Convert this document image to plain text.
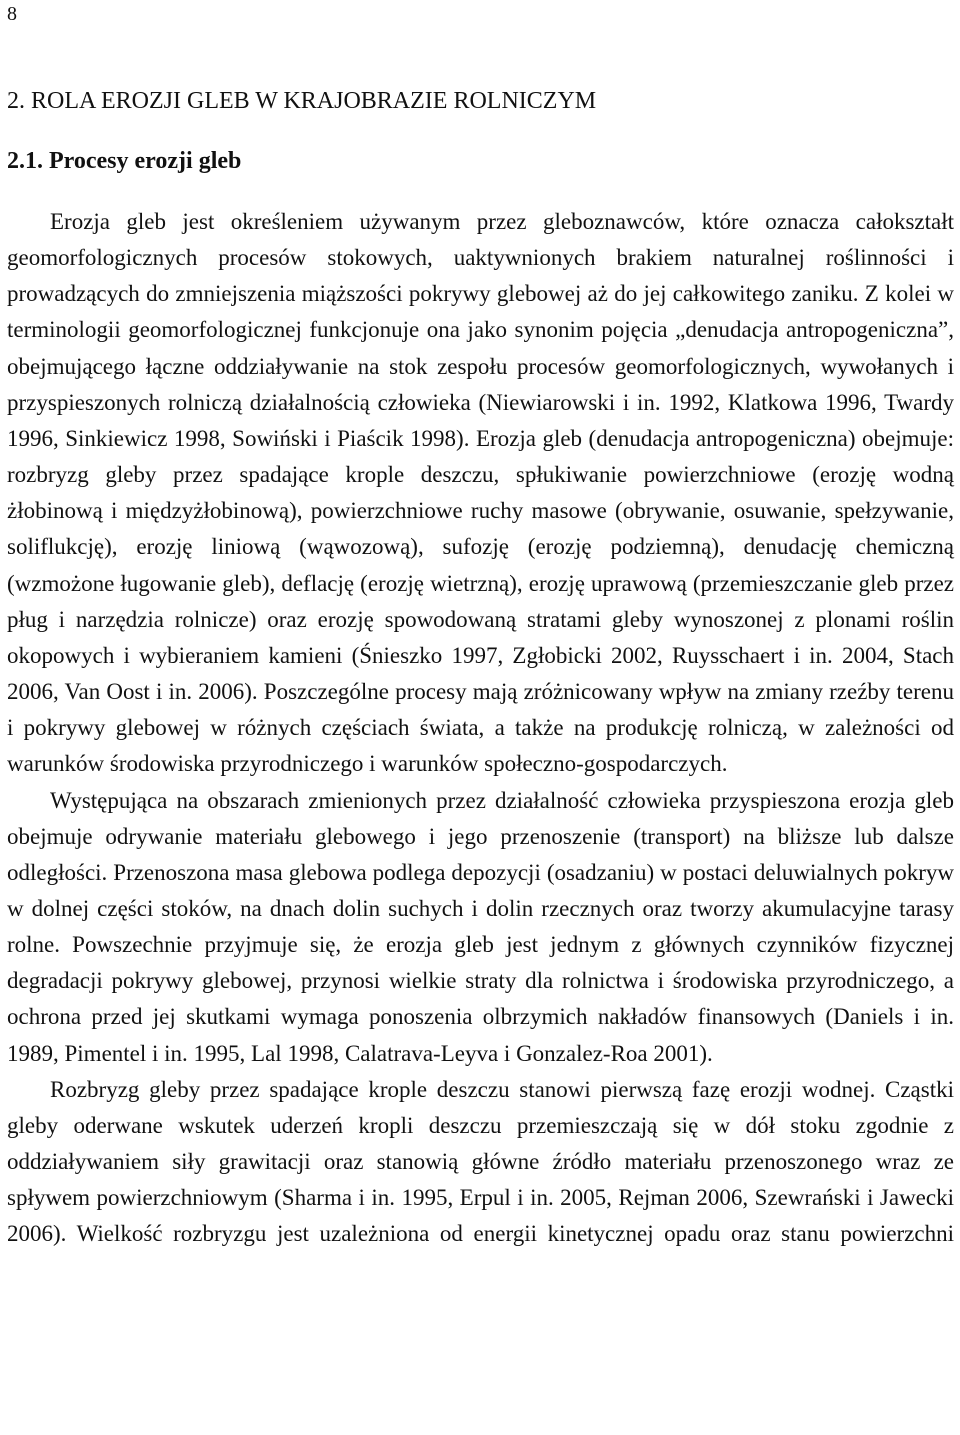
8
2. ROLA EROZJI GLEB W KRAJOBRAZIE ROLNICZYM
2.1. Procesy erozji gleb

Erozja gleb jest określeniem używanym przez gleboznawców, które oznacza całokształt geomorfologicznych procesów stokowych, uaktywnionych brakiem naturalnej roślinności i prowadzących do zmniejszenia miąższości pokrywy glebowej aż do jej całkowitego zaniku. Z kolei w terminologii geomorfologicznej funkcjonuje ona jako synonim pojęcia „denudacja antropogeniczna”, obejmującego łączne oddziaływanie na stok zespołu procesów geomorfologicznych, wywołanych i przyspieszonych rolniczą działalnością człowieka (Niewiarowski i in. 1992, Klatkowa 1996, Twardy 1996, Sinkiewicz 1998, Sowiński i Piaścik 1998). Erozja gleb (denudacja antropogeniczna) obejmuje: rozbryzg gleby przez spadające krople deszczu, spłukiwanie powierzchniowe (erozję wodną żłobinową i międzyżłobinową), powierzchniowe ruchy masowe (obrywanie, osuwanie, spełzywanie, soliflukcję), erozję liniową (wąwozową), sufozję (erozję podziemną), denudację chemiczną (wzmożone ługowanie gleb), deflację (erozję wietrzną), erozję uprawową (przemieszczanie gleb przez pług i narzędzia rolnicze) oraz erozję spowodowaną stratami gleby wynoszonej z plonami roślin okopowych i wybieraniem kamieni (Śnieszko 1997, Zgłobicki 2002, Ruysschaert i in. 2004, Stach 2006, Van Oost i in. 2006). Poszczególne procesy mają zróżnicowany wpływ na zmiany rzeźby terenu i pokrywy glebowej w różnych częściach świata, a także na produkcję rolniczą, w zależności od warunków środowiska przyrodniczego i warunków społeczno-gospodarczych.

Występująca na obszarach zmienionych przez działalność człowieka przyspieszona erozja gleb obejmuje odrywanie materiału glebowego i jego przenoszenie (transport) na bliższe lub dalsze odległości. Przenoszona masa glebowa podlega depozycji (osadzaniu) w postaci deluwialnych pokryw w dolnej części stoków, na dnach dolin suchych i dolin rzecznych oraz tworzy akumulacyjne tarasy rolne. Powszechnie przyjmuje się, że erozja gleb jest jednym z głównych czynników fizycznej degradacji pokrywy glebowej, przynosi wielkie straty dla rolnictwa i środowiska przyrodniczego, a ochrona przed jej skutkami wymaga ponoszenia olbrzymich nakładów finansowych (Daniels i in. 1989, Pimentel i in. 1995, Lal 1998, Calatrava-Leyva i Gonzalez-Roa 2001).

Rozbryzg gleby przez spadające krople deszczu stanowi pierwszą fazę erozji wodnej. Cząstki gleby oderwane wskutek uderzeń kropli deszczu przemieszczają się w dół stoku zgodnie z oddziaływaniem siły grawitacji oraz stanowią główne źródło materiału przenoszonego wraz ze spływem powierzchniowym (Sharma i in. 1995, Erpul i in. 2005, Rejman 2006, Szewrański i Jawecki 2006). Wielkość rozbryzgu jest uzależniona od energii kinetycznej opadu oraz stanu powierzchni
